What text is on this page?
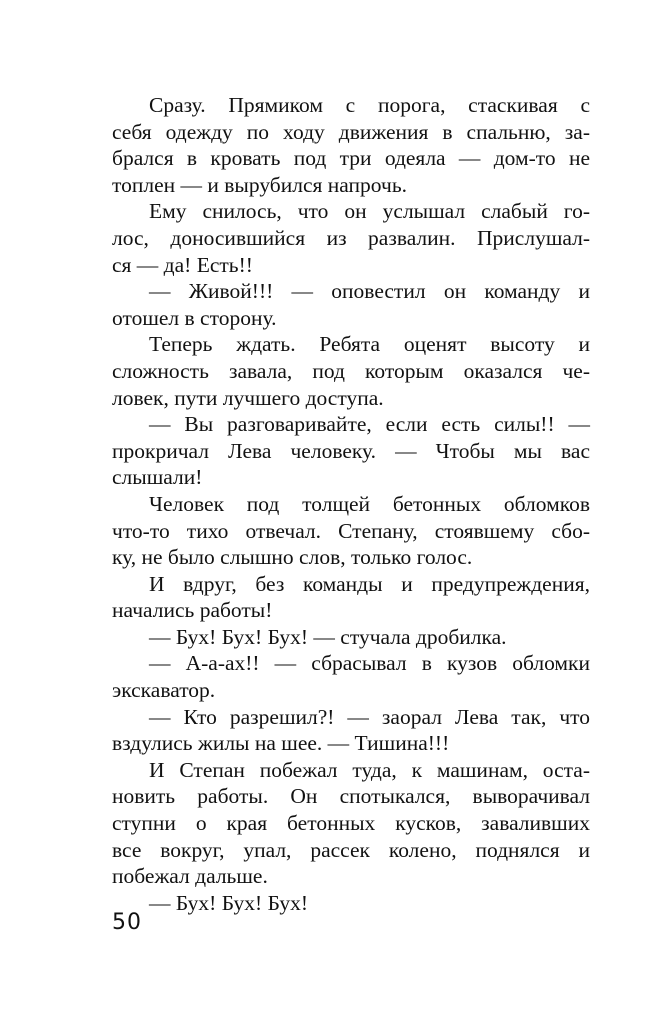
Сразу. Прямиком с порога, стаскивая с
себя одежду по ходу движения в спальню, за-
брался в кровать под три одеяла — дом-то не
топлен — и вырубился напрочь.
Ему снилось, что он услышал слабый го-
лос, доносившийся из развалин. Прислушал-
ся — да! Есть!!
— Живой!!! — оповестил он команду и
отошел в сторону.
Теперь ждать. Ребята оценят высоту и
сложность завала, под которым оказался че-
ловек, пути лучшего доступа.
— Вы разговаривайте, если есть силы!! —
прокричал Лева человеку. — Чтобы мы вас
слышали!
Человек под толщей бетонных обломков
что-то тихо отвечал. Степану, стоявшему сбо-
ку, не было слышно слов, только голос.
И вдруг, без команды и предупреждения,
начались работы!
— Бух! Бух! Бух! — стучала дробилка.
— А-а-ах!! — сбрасывал в кузов обломки
экскаватор.
— Кто разрешил?! — заорал Лева так, что
вздулись жилы на шее. — Тишина!!!
И Степан побежал туда, к машинам, оста-
новить работы. Он спотыкался, выворачивал
ступни о края бетонных кусков, заваливших
все вокруг, упал, рассек колено, поднялся и
побежал дальше.
— Бух! Бух! Бух!
50
